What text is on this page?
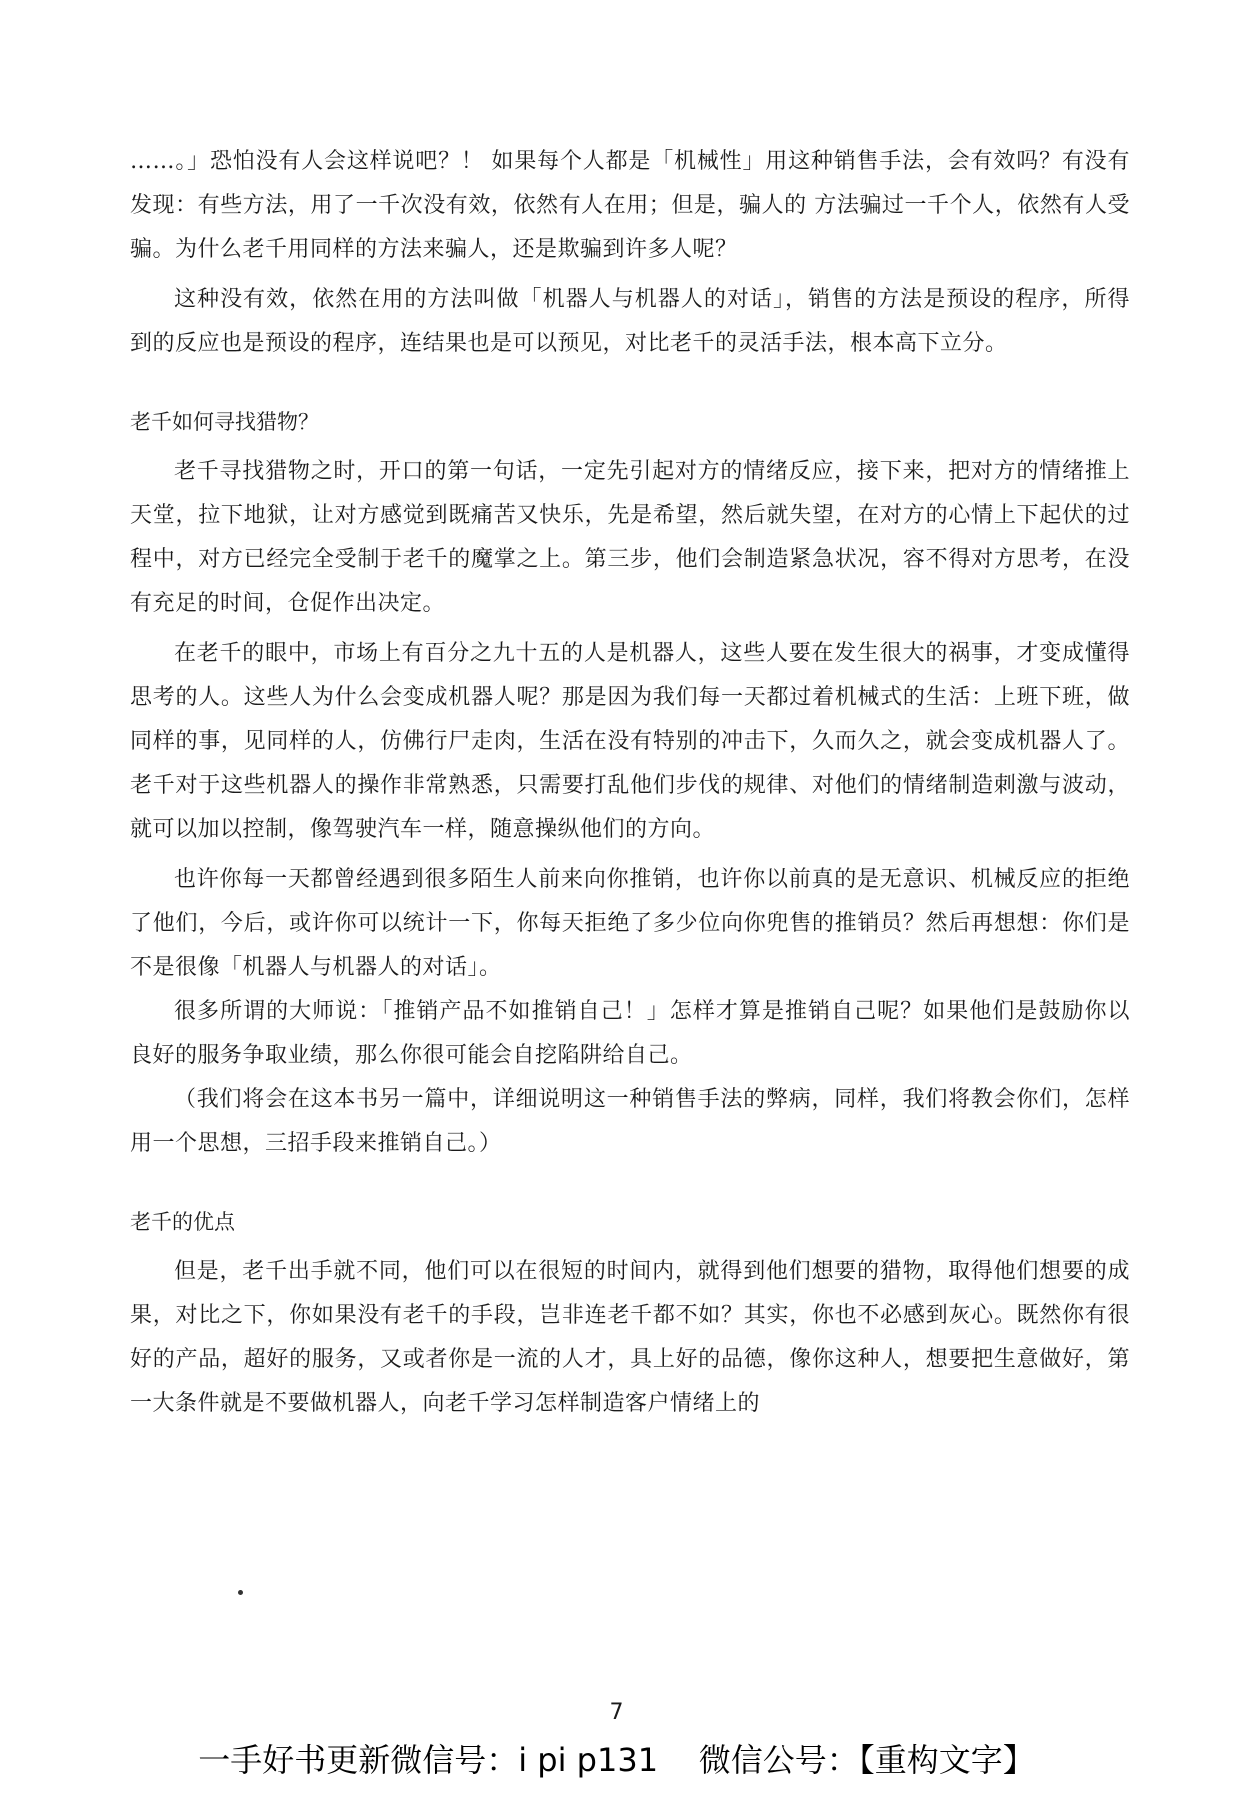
……。」恐怕没有人会这样说吧？！ 如果每个人都是「机械性」用这种销售手法，会有效吗？有没有发现：有些方法，用了一千次没有效，依然有人在用；但是，骗人的 方法骗过一千个人，依然有人受骗。为什么老千用同样的方法来骗人，还是欺骗到许多人呢？

这种没有效，依然在用的方法叫做「机器人与机器人的对话」，销售的方法是预设的程序，所得到的反应也是预设的程序，连结果也是可以预见，对比老千的灵活手法，根本高下立分。

老千如何寻找猎物？

老千寻找猎物之时，开口的第一句话，一定先引起对方的情绪反应，接下来，把对方的情绪推上天堂，拉下地狱，让对方感觉到既痛苦又快乐，先是希望，然后就失望，在对方的心情上下起伏的过程中，对方已经完全受制于老千的魔掌之上。第三步，他们会制造紧急状况，容不得对方思考，在没有充足的时间，仓促作出决定。

在老千的眼中，市场上有百分之九十五的人是机器人，这些人要在发生很大的祸事，才变成懂得思考的人。这些人为什么会变成机器人呢？那是因为我们每一天都过着机械式的生活：上班下班，做同样的事，见同样的人，仿佛行尸走肉，生活在没有特别的冲击下，久而久之，就会变成机器人了。老千对于这些机器人的操作非常熟悉，只需要打乱他们步伐的规律、对他们的情绪制造刺激与波动，就可以加以控制，像驾驶汽车一样，随意操纵他们的方向。

也许你每一天都曾经遇到很多陌生人前来向你推销，也许你以前真的是无意识、机械反应的拒绝了他们，今后，或许你可以统计一下，你每天拒绝了多少位向你兜售的推销员？然后再想想：你们是不是很像「机器人与机器人的对话」。

很多所谓的大师说：「推销产品不如推销自己！」怎样才算是推销自己呢？如果他们是鼓励你以良好的服务争取业绩，那么你很可能会自挖陷阱给自己。

（我们将会在这本书另一篇中，详细说明这一种销售手法的弊病，同样，我们将教会你们，怎样用一个思想，三招手段来推销自己。）

老千的优点

但是，老千出手就不同，他们可以在很短的时间内，就得到他们想要的猎物，取得他们想要的成果，对比之下，你如果没有老千的手段，岂非连老千都不如？其实，你也不必感到灰心。既然你有很好的产品，超好的服务，又或者你是一流的人才，具上好的品德，像你这种人，想要把生意做好，第一大条件就是不要做机器人，向老千学习怎样制造客户情绪上的

7
一手好书更新微信号：i pi p131    微信公号：【重构文字】
